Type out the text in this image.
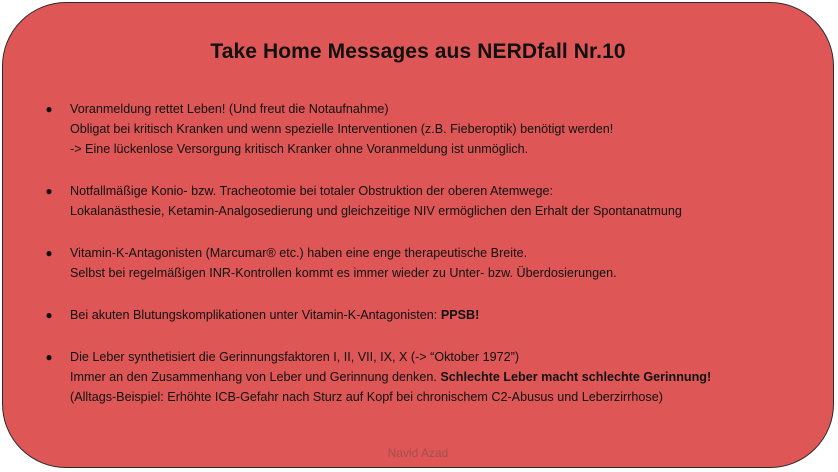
Take Home Messages aus NERDfall Nr.10
● Voranmeldung rettet Leben! (Und freut die Notaufnahme)
Obligat bei kritisch Kranken und wenn spezielle Interventionen (z.B. Fieberoptik) benötigt werden!
-> Eine lückenlose Versorgung kritisch Kranker ohne Voranmeldung ist unmöglich.
● Notfallmäßige Konio- bzw. Tracheotomie bei totaler Obstruktion der oberen Atemwege:
Lokalanästhesie, Ketamin-Analgosedierung und gleichzeitige NIV ermöglichen den Erhalt der Spontanatmung
● Vitamin-K-Antagonisten (Marcumar® etc.) haben eine enge therapeutische Breite.
Selbst bei regelmäßigen INR-Kontrollen kommt es immer wieder zu Unter- bzw. Überdosierungen.
● Bei akuten Blutungskomplikationen unter Vitamin-K-Antagonisten: PPSB!
● Die Leber synthetisiert die Gerinnungsfaktoren I, II, VII, IX, X (-> “Oktober 1972”)
Immer an den Zusammenhang von Leber und Gerinnung denken. Schlechte Leber macht schlechte Gerinnung!
(Alltags-Beispiel: Erhöhte ICB-Gefahr nach Sturz auf Kopf bei chronischem C2-Abusus und Leberzirrhose)
Navid Azad
